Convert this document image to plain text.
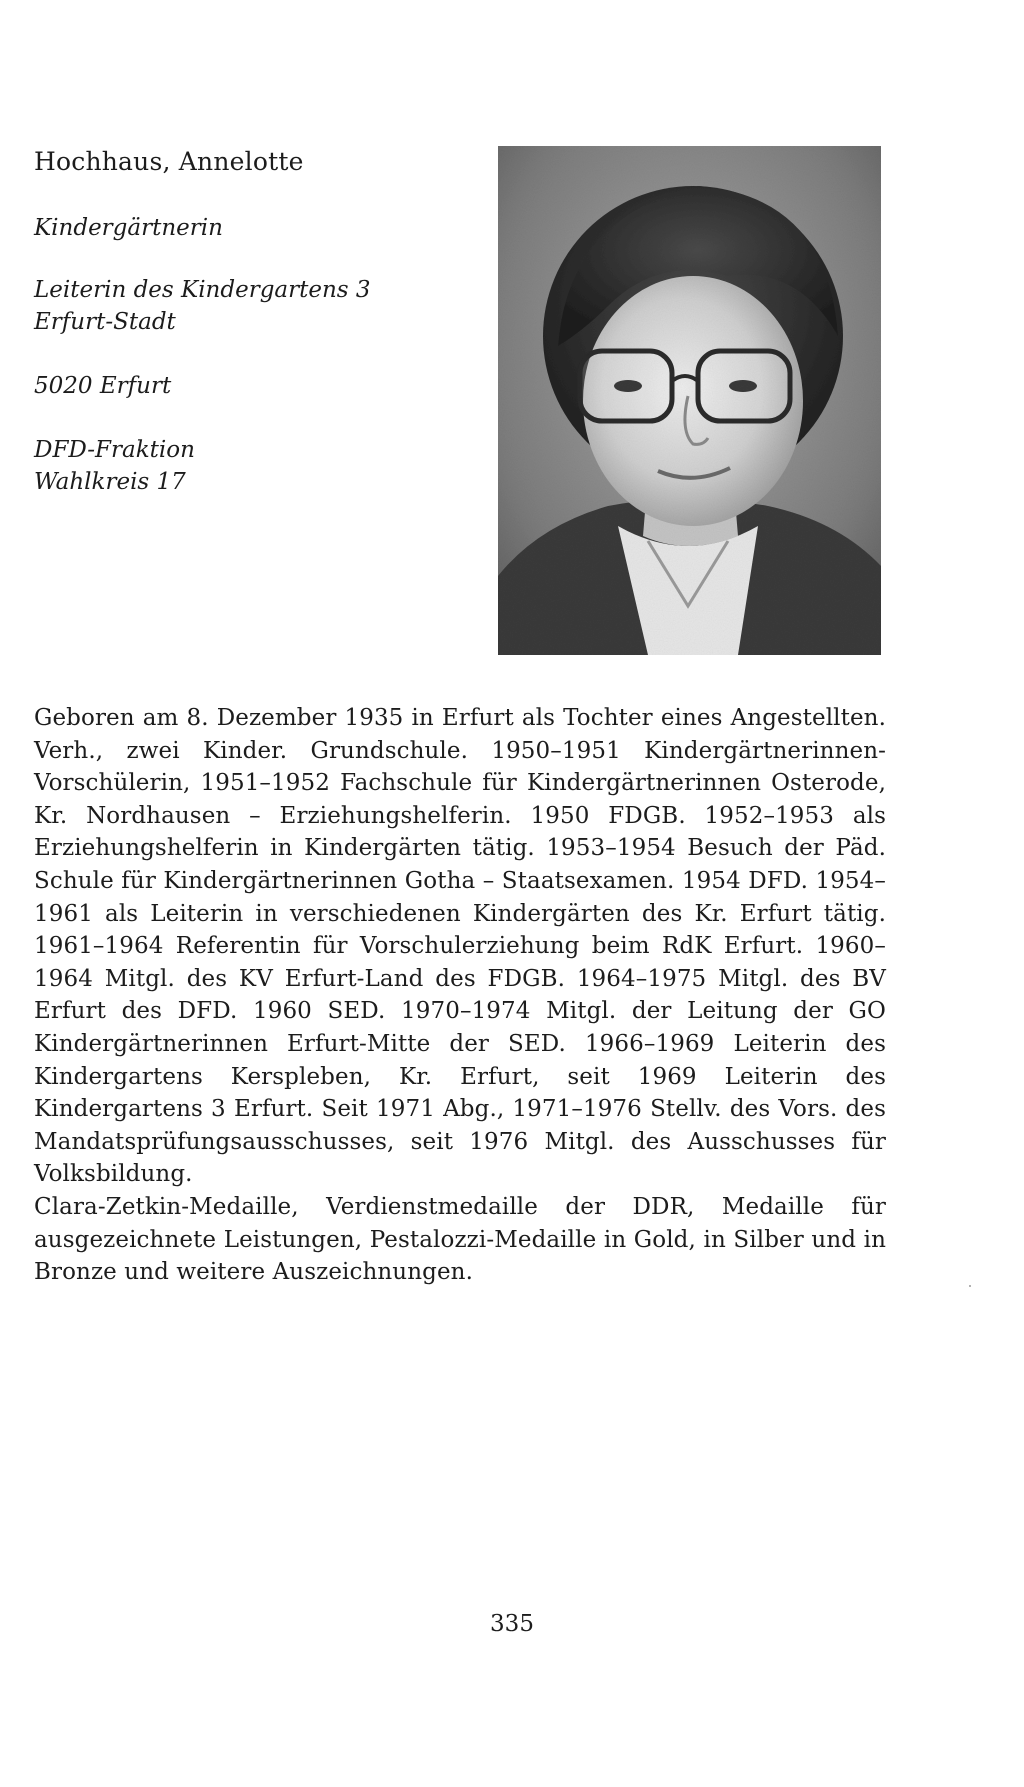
Hochhaus, Annelotte
Kindergärtnerin
Leiterin des Kindergartens 3
Erfurt-Stadt
5020 Erfurt
DFD-Fraktion
Wahlkreis 17

Geboren am 8. Dezember 1935 in Erfurt als Tochter eines Angestellten. Verh., zwei Kinder. Grundschule. 1950–1951 Kindergärtnerinnen-Vorschülerin, 1951–1952 Fachschule für Kindergärtnerinnen Osterode, Kr. Nordhausen – Erziehungshelferin. 1950 FDGB. 1952–1953 als Erziehungshelferin in Kindergärten tätig. 1953–1954 Besuch der Päd. Schule für Kindergärtnerinnen Gotha – Staatsexamen. 1954 DFD. 1954–1961 als Leiterin in verschiedenen Kindergärten des Kr. Erfurt tätig. 1961–1964 Referentin für Vorschulerziehung beim RdK Erfurt. 1960–1964 Mitgl. des KV Erfurt-Land des FDGB. 1964–1975 Mitgl. des BV Erfurt des DFD. 1960 SED. 1970–1974 Mitgl. der Leitung der GO Kindergärtnerinnen Erfurt-Mitte der SED. 1966–1969 Leiterin des Kindergartens Kerspleben, Kr. Erfurt, seit 1969 Leiterin des Kindergartens 3 Erfurt. Seit 1971 Abg., 1971–1976 Stellv. des Vors. des Mandatsprüfungsausschusses, seit 1976 Mitgl. des Ausschusses für Volksbildung.

Clara-Zetkin-Medaille, Verdienstmedaille der DDR, Medaille für ausgezeichnete Leistungen, Pestalozzi-Medaille in Gold, in Silber und in Bronze und weitere Auszeichnungen.

335
